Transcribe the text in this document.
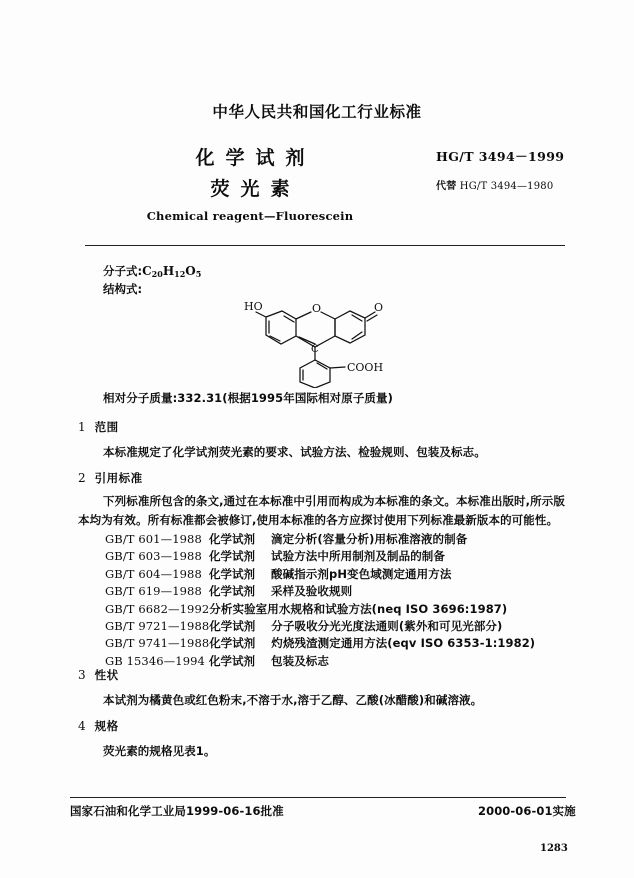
中华人民共和国化工行业标准
化学试剂
荧光素
Chemical reagent—Fluorescein
HG/T 3494－1999
代替 HG/T 3494—1980
分子式$:C_{20}H_{12}O_5$
结构式:
HO	O	O
C
COOH
相对分子质量:332.31(根据1995年国际相对原子质量)
1 范围
本标准规定了化学试剂荧光素的要求、试验方法、检验规则、包装及标志。
2 引用标准
下列标准所包含的条文,通过在本标准中引用而构成为本标准的条文。本标准出版时,所示版本均为有效。所有标准都会被修订,使用本标准的各方应探讨使用下列标准最新版本的可能性。
GB/T 601—1988 化学试剂	滴定分析(容量分析)用标准溶液的制备
GB/T 603—1988 化学试剂	试验方法中所用制剂及制品的制备
GB/T 604—1988 化学试剂	酸碱指示剂pH变色域测定通用方法
GB/T 619—1988 化学试剂	采样及验收规则
GB/T 6682—1992 分析实验室用水规格和试验方法(neq ISO 3696:1987)
GB/T 9721—1988 化学试剂	分子吸收分光光度法通则(紫外和可见光部分)
GB/T 9741—1988 化学试剂	灼烧残渣测定通用方法(eqv ISO 6353-1:1982)
GB 15346—1994 化学试剂	包装及标志
3 性状
本试剂为橘黄色或红色粉末,不溶于水,溶于乙醇、乙酸(冰醋酸)和碱溶液。
4 规格
荧光素的规格见表1。
国家石油和化学工业局1999-06-16批准	2000-06-01实施
1283
